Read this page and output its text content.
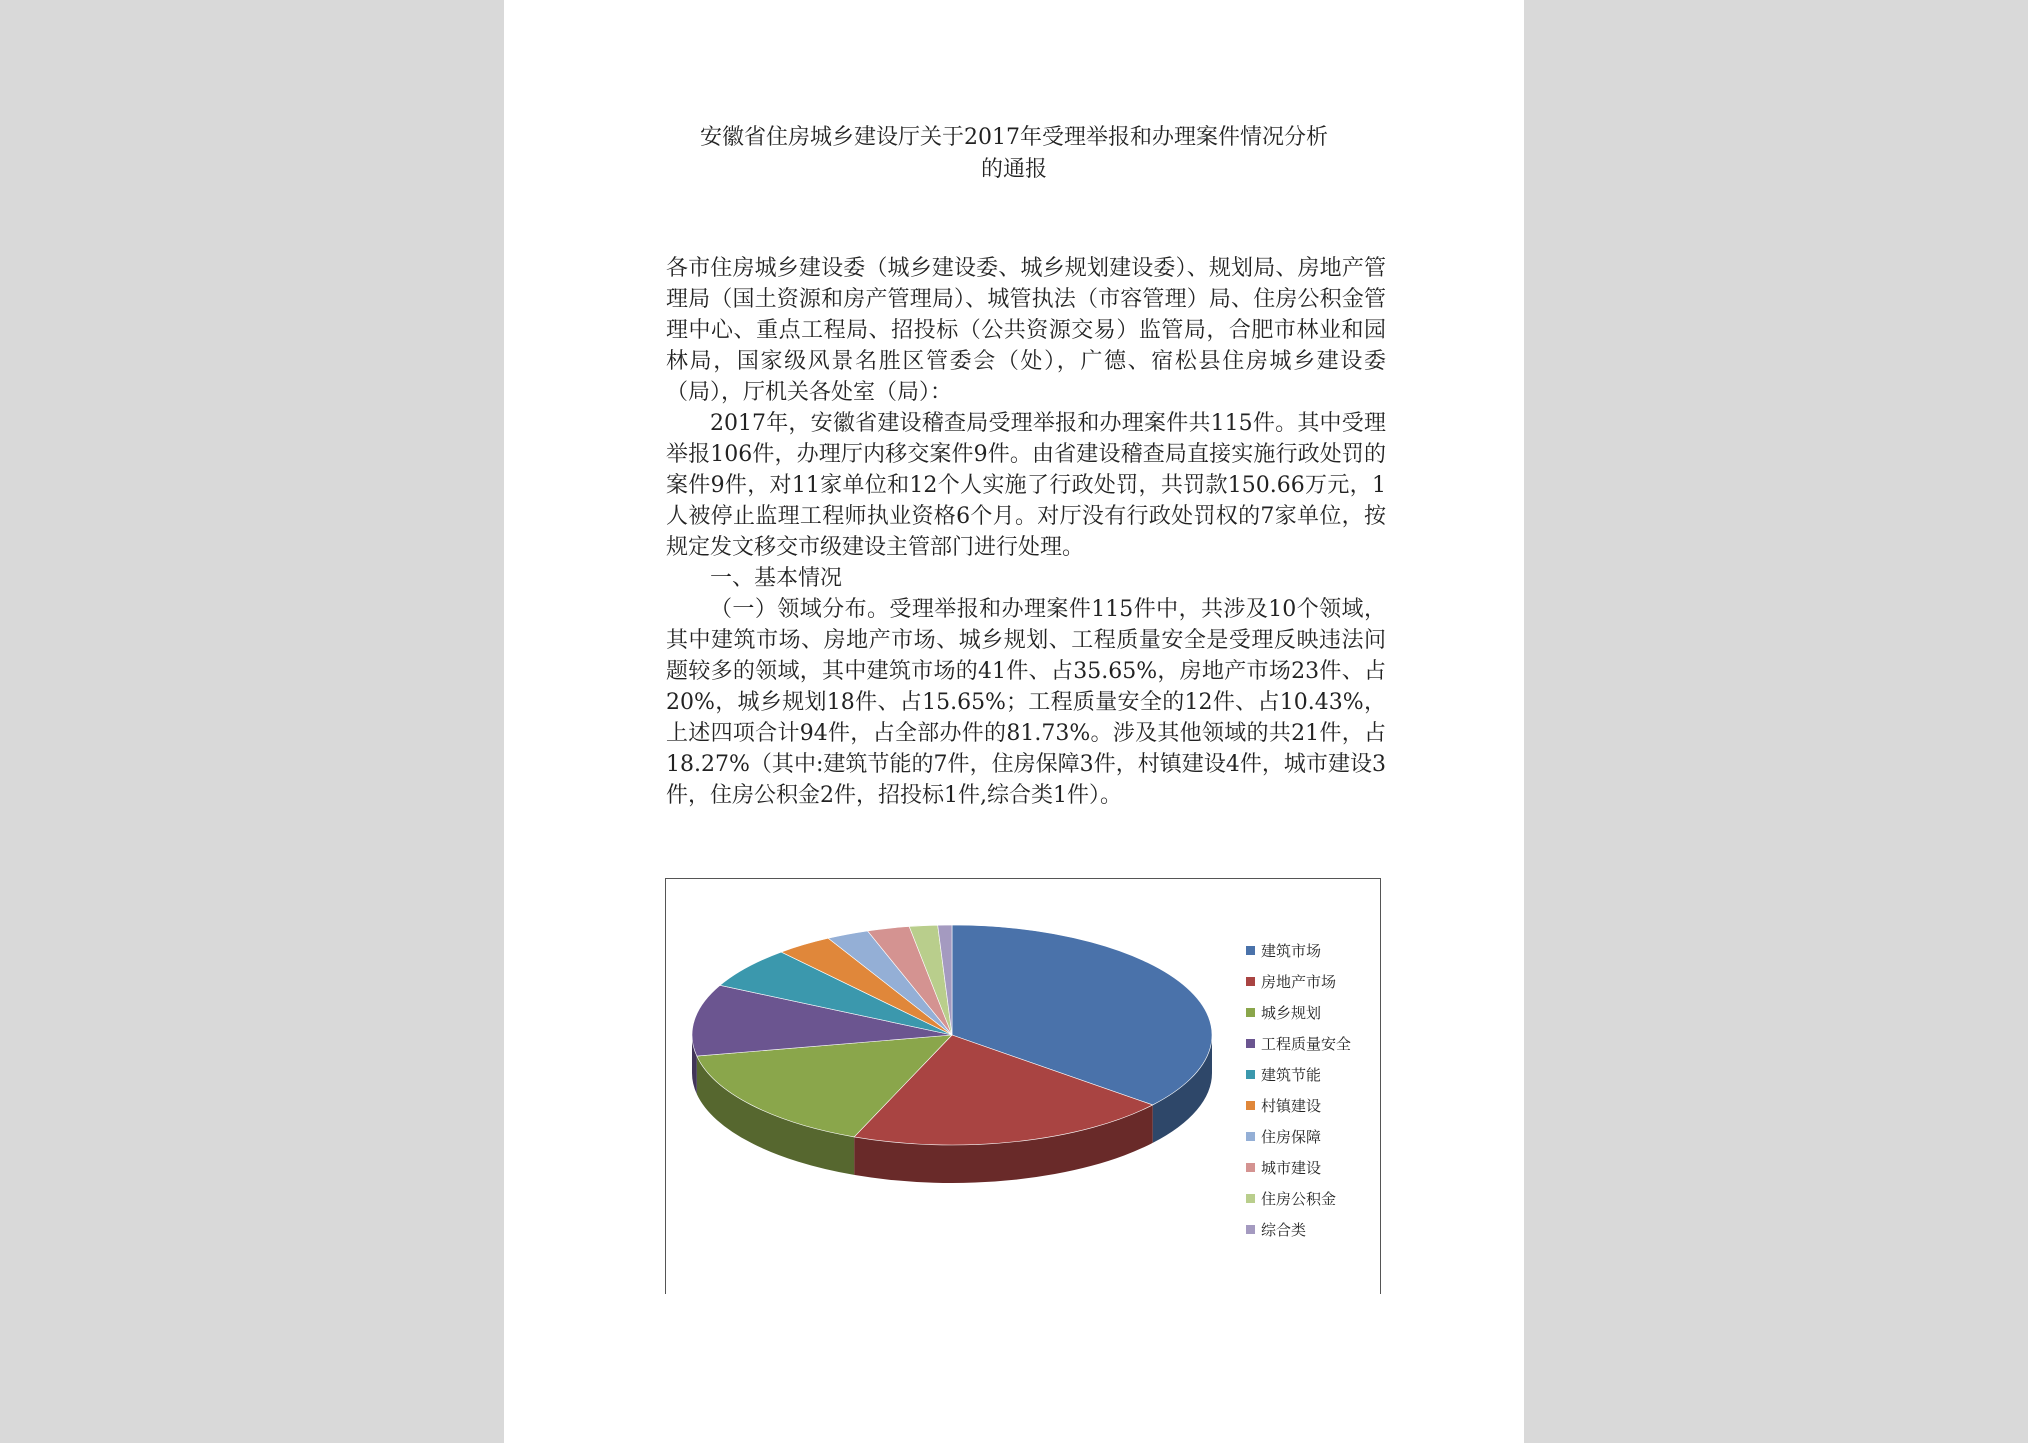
安徽省住房城乡建设厅关于2017年受理举报和办理案件情况分析
的通报

各市住房城乡建设委（城乡建设委、城乡规划建设委）、规划局、房地产管理局（国土资源和房产管理局）、城管执法（市容管理）局、住房公积金管理中心、重点工程局、招投标（公共资源交易）监管局，合肥市林业和园林局，国家级风景名胜区管委会（处），广德、宿松县住房城乡建设委（局），厅机关各处室（局）：

2017年，安徽省建设稽查局受理举报和办理案件共115件。其中受理举报106件，办理厅内移交案件9件。由省建设稽查局直接实施行政处罚的案件9件，对11家单位和12个人实施了行政处罚，共罚款150.66万元，1 人被停止监理工程师执业资格6个月。对厅没有行政处罚权的7家单位，按规定发文移交市级建设主管部门进行处理。

一、基本情况

（一）领域分布。受理举报和办理案件115件中，共涉及10个领域，其中建筑市场、房地产市场、城乡规划、工程质量安全是受理反映违法问题较多的领域，其中建筑市场的41件、占35.65%，房地产市场23件、占20%，城乡规划18件、占15.65%；工程质量安全的12件、占10.43%，上述四项合计94件，占全部办件的81.73%。涉及其他领域的共21件，占18.27%（其中:建筑节能的7件，住房保障3件，村镇建设4件，城市建设3件，住房公积金2件，招投标1件,综合类1件）。

建筑市场
房地产市场
城乡规划
工程质量安全
建筑节能
村镇建设
住房保障
城市建设
住房公积金
综合类
